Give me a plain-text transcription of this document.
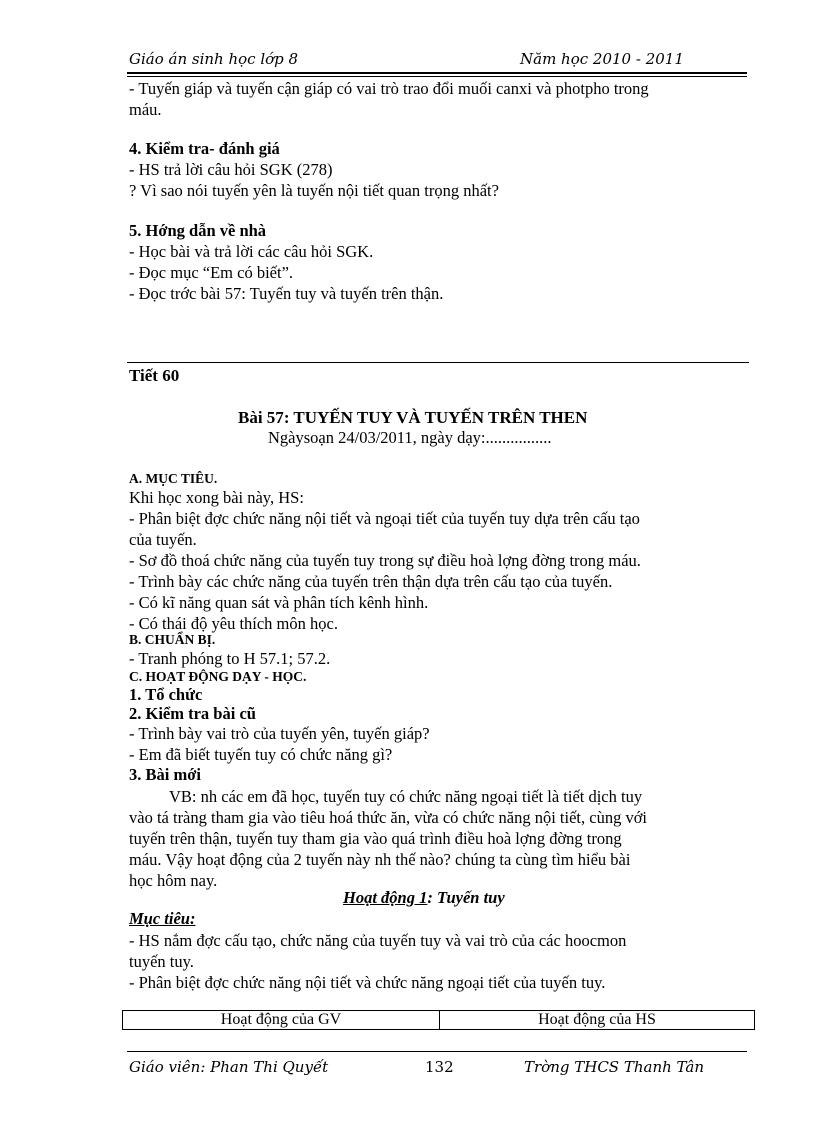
Giáo án sinh học lớp 8	Năm học 2010 - 2011
- Tuyến giáp và tuyến cận giáp có vai trò trao đổi muối canxi và photpho trong
máu.
4. Kiểm tra- đánh giá
- HS trả lời câu hỏi SGK (278)
? Vì sao nói tuyến yên là tuyến nội tiết quan trọng nhất?
5. Hớng dẫn về nhà
- Học bài và trả lời các câu hỏi SGK.
- Đọc mục “Em có biết”.
- Đọc trớc bài 57: Tuyến tuy và tuyến trên thận.
Tiết 60
Bài 57: TUYẾN TUY VÀ TUYẾN TRÊN THEN
Ngàysoạn 24/03/2011, ngày dạy:................
A. MỤC TIÊU.
Khi học xong bài này, HS:
- Phân biệt đợc chức năng nội tiết và ngoại tiết của tuyến tuy dựa trên cấu tạo
của tuyến.
- Sơ đồ thoá chức năng của tuyến tuy trong sự điều hoà lợng đờng trong máu.
- Trình bày các chức năng của tuyến trên thận dựa trên cấu tạo của tuyến.
- Có kĩ năng quan sát và phân tích kênh hình.
- Có thái độ yêu thích môn học.
B. CHUẨN BỊ.
- Tranh phóng to H 57.1; 57.2.
C. HOẠT ĐỘNG DẠY - HỌC.
1. Tổ chức
2. Kiểm tra bài cũ
- Trình bày vai trò của tuyến yên, tuyến giáp?
- Em đã biết tuyến tuy có chức năng gì?
3. Bài mới
VB: nh các em đã học, tuyến tuy có chức năng ngoại tiết là tiết dịch tuy
vào tá tràng tham gia vào tiêu hoá thức ăn, vừa có chức năng nội tiết, cùng với
tuyến trên thận, tuyến tuy tham gia vào quá trình điều hoà lợng đờng trong
máu. Vậy hoạt động của 2 tuyến này nh thế nào? chúng ta cùng tìm hiểu bài
học hôm nay.
Hoạt động 1: Tuyến tuy
Mục tiêu:
- HS nắm đợc cấu tạo, chức năng của tuyến tuy và vai trò của các hoocmon
tuyến tuy.
- Phân biệt đợc chức năng nội tiết và chức năng ngoại tiết của tuyến tuy.
Hoạt động của GV	Hoạt động của HS
Giáo viên: Phan Thi Quyết	132	Trờng THCS Thanh Tân
